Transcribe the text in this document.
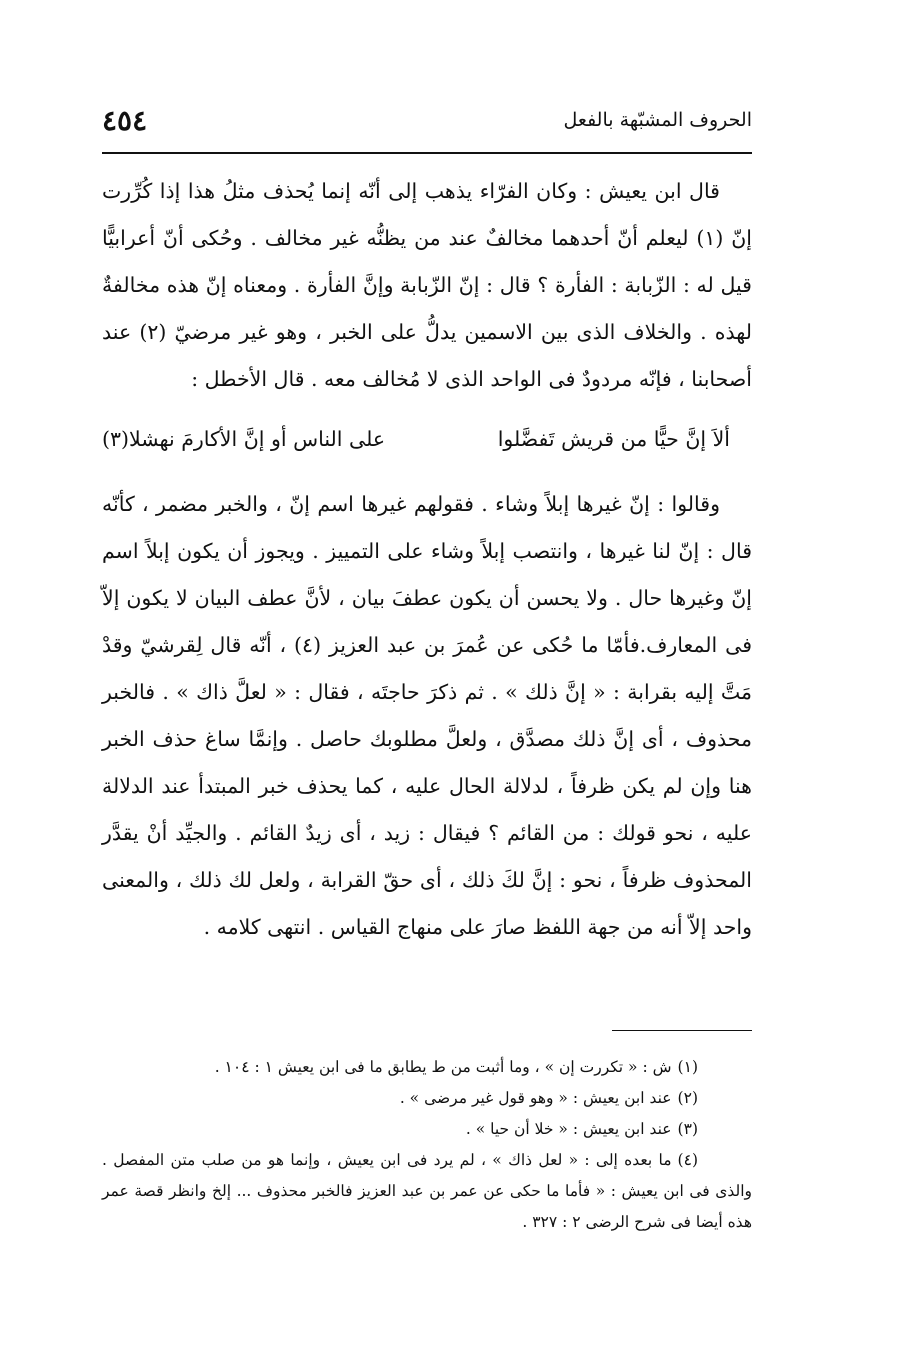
الحروف المشبّهة بالفعل
٤٥٤

قال ابن يعيش : وكان الفرّاء يذهب إلى أنّه إنما يُحذف مثلُ هذا إذا كُرِّرت إنّ (١) ليعلم أنّ أحدهما مخالفٌ عند من يظنُّه غير مخالف . وحُكى أنّ أعرابيًّا قيل له : الزّبابة : الفأرة ؟ قال : إنّ الزّبابة وإنَّ الفأرة . ومعناه إنّ هذه مخالفةٌ لهذه . والخلاف الذى بين الاسمين يدلُّ على الخبر ، وهو غير مرضيّ (٢) عند أصحابنا ، فإنّه مردودٌ فى الواحد الذى لا مُخالف معه . قال الأخطل :

ألاَ إنَّ حيًّا من قريش تَفضَّلوا
على الناس أو إنَّ الأكارمَ نهشلا(٣)

وقالوا : إنّ غيرها إبلاً وشاء . فقولهم غيرها اسم إنّ ، والخبر مضمر ، كأنّه قال : إنّ لنا غيرها ، وانتصب إبلاً وشاء على التمييز . ويجوز أن يكون إبلاً اسم إنّ وغيرها حال . ولا يحسن أن يكون عطفَ بيان ، لأنَّ عطف البيان لا يكون إلاّ فى المعارف.فأمّا ما حُكى عن عُمرَ بن عبد العزيز (٤) ، أنّه قال لِقرشيّ وقدْ مَتَّ إليه بقرابة : « إنَّ ذلك » . ثم ذكرَ حاجتَه ، فقال : « لعلَّ ذاك » . فالخبر محذوف ، أى إنَّ ذلك مصدَّق ، ولعلَّ مطلوبك حاصل . وإنمَّا ساغ حذف الخبر هنا وإن لم يكن ظرفاً ، لدلالة الحال عليه ، كما يحذف خبر المبتدأ عند الدلالة عليه ، نحو قولك : من القائم ؟ فيقال : زيد ، أى زيدٌ القائم . والجيِّد أنْ يقدَّر المحذوف ظرفاً ، نحو : إنَّ لكَ ذلك ، أى حقّ القرابة ، ولعل لك ذلك ، والمعنى واحد إلاّ أنه من جهة اللفظ صارَ على منهاج القياس . انتهى كلامه .

(١)ش : « تكررت إن » ، وما أثبت من ط يطابق ما فى ابن يعيش ١ : ١٠٤ .

(٢)عند ابن يعيش : « وهو قول غير مرضى » .

(٣)عند ابن يعيش : « خلا أن حيا » .

(٤)ما بعده إلى : « لعل ذاك » ، لم يرد فى ابن يعيش ، وإنما هو من صلب متن المفصل . والذى فى ابن يعيش : « فأما ما حكى عن عمر بن عبد العزيز فالخبر محذوف ... إلخ وانظر قصة عمر هذه أيضا فى شرح الرضى ٢ : ٣٢٧ .
